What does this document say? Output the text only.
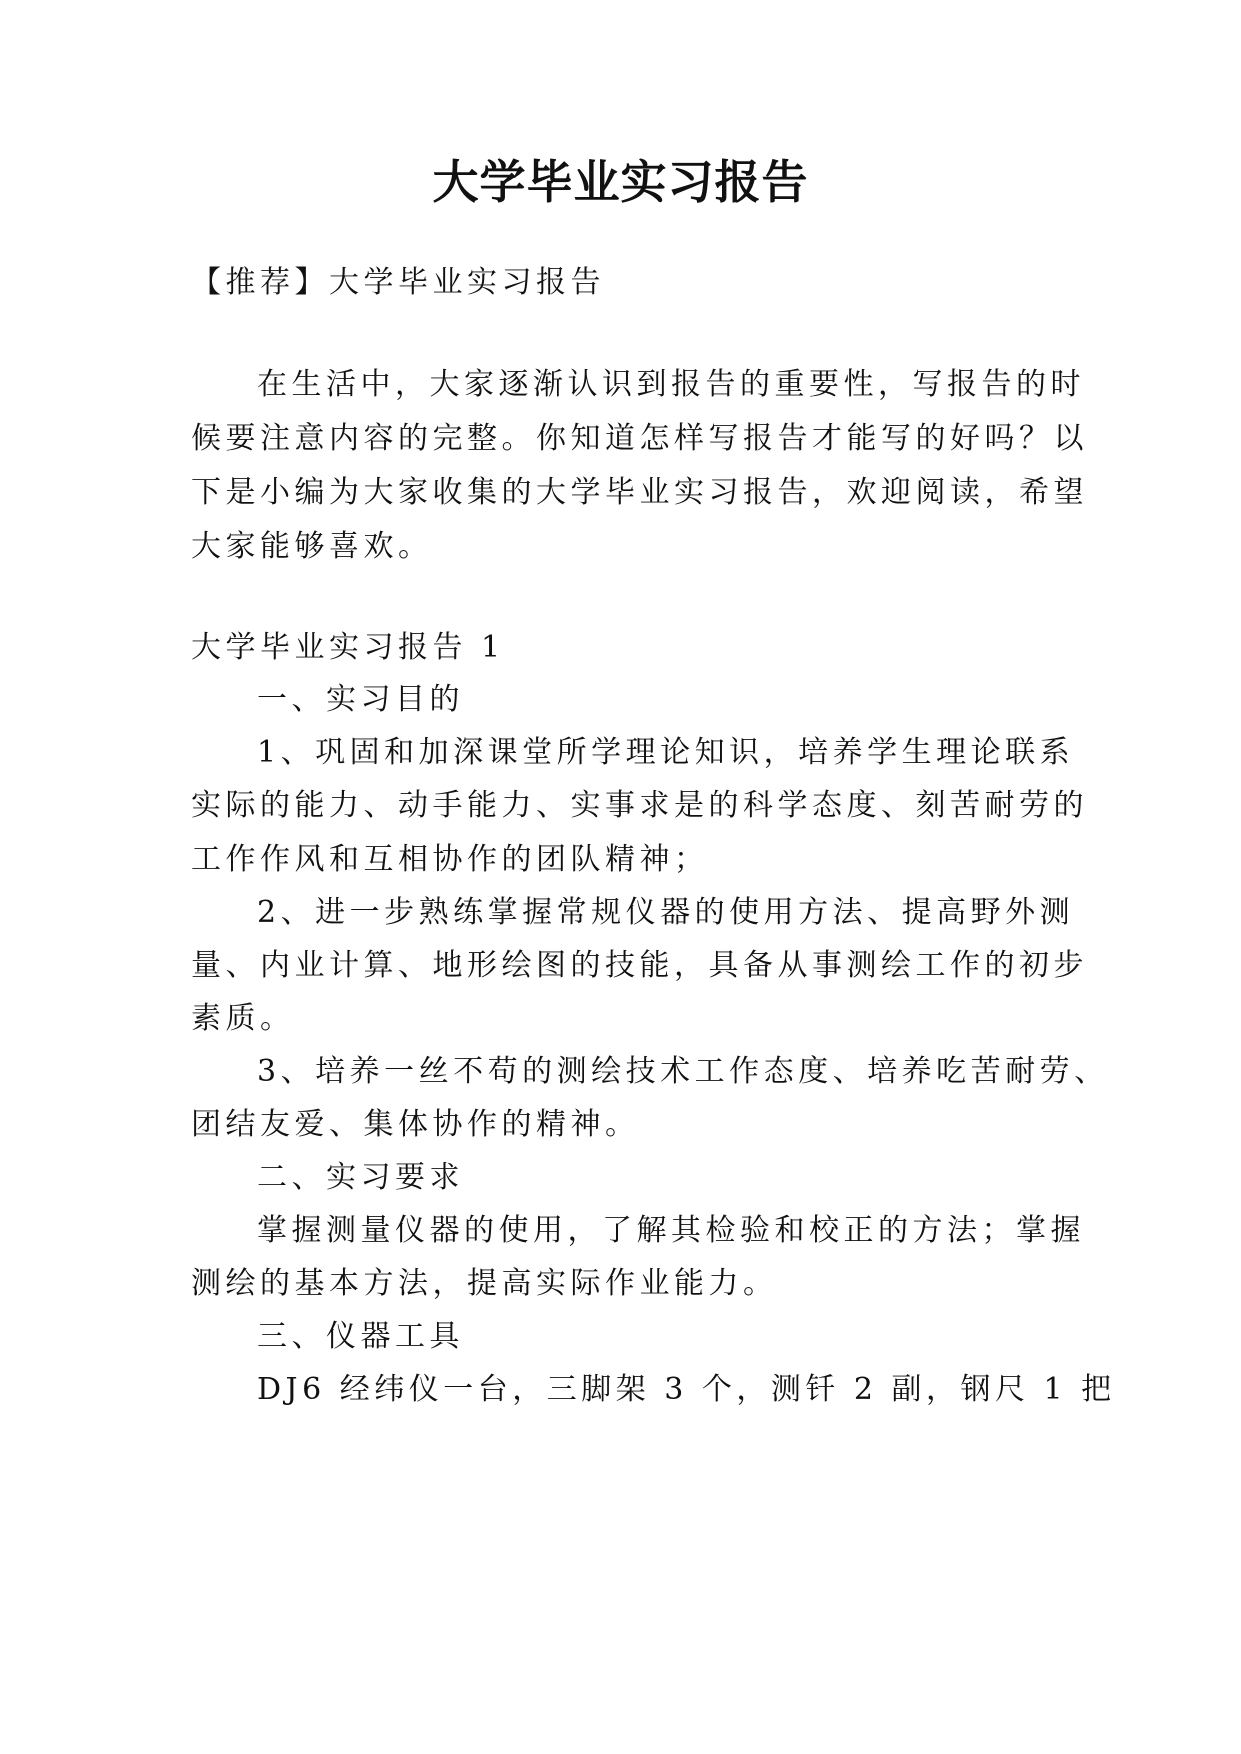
大学毕业实习报告
【推荐】大学毕业实习报告
在生活中，大家逐渐认识到报告的重要性，写报告的时
候要注意内容的完整。你知道怎样写报告才能写的好吗？以
下是小编为大家收集的大学毕业实习报告，欢迎阅读，希望
大家能够喜欢。
大学毕业实习报告 1
一、实习目的
1、巩固和加深课堂所学理论知识，培养学生理论联系
实际的能力、动手能力、实事求是的科学态度、刻苦耐劳的
工作作风和互相协作的团队精神；
2、进一步熟练掌握常规仪器的使用方法、提高野外测
量、内业计算、地形绘图的技能，具备从事测绘工作的初步
素质。
3、培养一丝不苟的测绘技术工作态度、培养吃苦耐劳、
团结友爱、集体协作的精神。
二、实习要求
掌握测量仪器的使用，了解其检验和校正的方法；掌握
测绘的基本方法，提高实际作业能力。
三、仪器工具
DJ6 经纬仪一台，三脚架 3 个，测钎 2 副，钢尺 1 把
